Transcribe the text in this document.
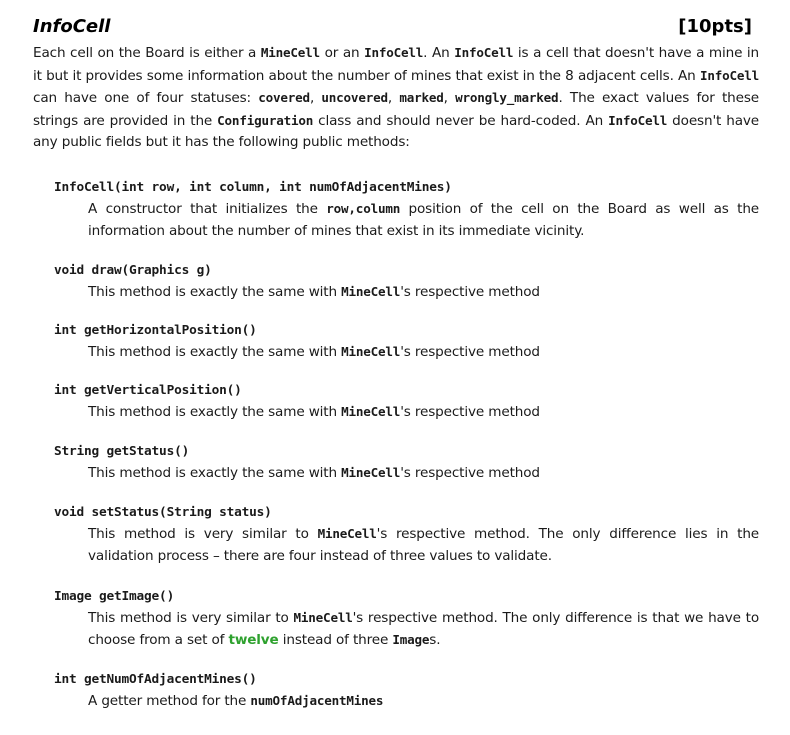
InfoCell	[10pts]
Each cell on the Board is either a MineCell or an InfoCell. An InfoCell is a cell that doesn't have a mine in it but it provides some information about the number of mines that exist in the 8 adjacent cells. An InfoCell can have one of four statuses: covered, uncovered, marked, wrongly_marked. The exact values for these strings are provided in the Configuration class and should never be hard-coded. An InfoCell doesn't have any public fields but it has the following public methods:
InfoCell(int row, int column, int numOfAdjacentMines)
A constructor that initializes the row,column position of the cell on the Board as well as the information about the number of mines that exist in its immediate vicinity.
void draw(Graphics g)
This method is exactly the same with MineCell's respective method
int getHorizontalPosition()
This method is exactly the same with MineCell's respective method
int getVerticalPosition()
This method is exactly the same with MineCell's respective method
String getStatus()
This method is exactly the same with MineCell's respective method
void setStatus(String status)
This method is very similar to MineCell's respective method. The only difference lies in the validation process – there are four instead of three values to validate.
Image getImage()
This method is very similar to MineCell's respective method. The only difference is that we have to choose from a set of twelve instead of three Images.
int getNumOfAdjacentMines()
A getter method for the numOfAdjacentMines
